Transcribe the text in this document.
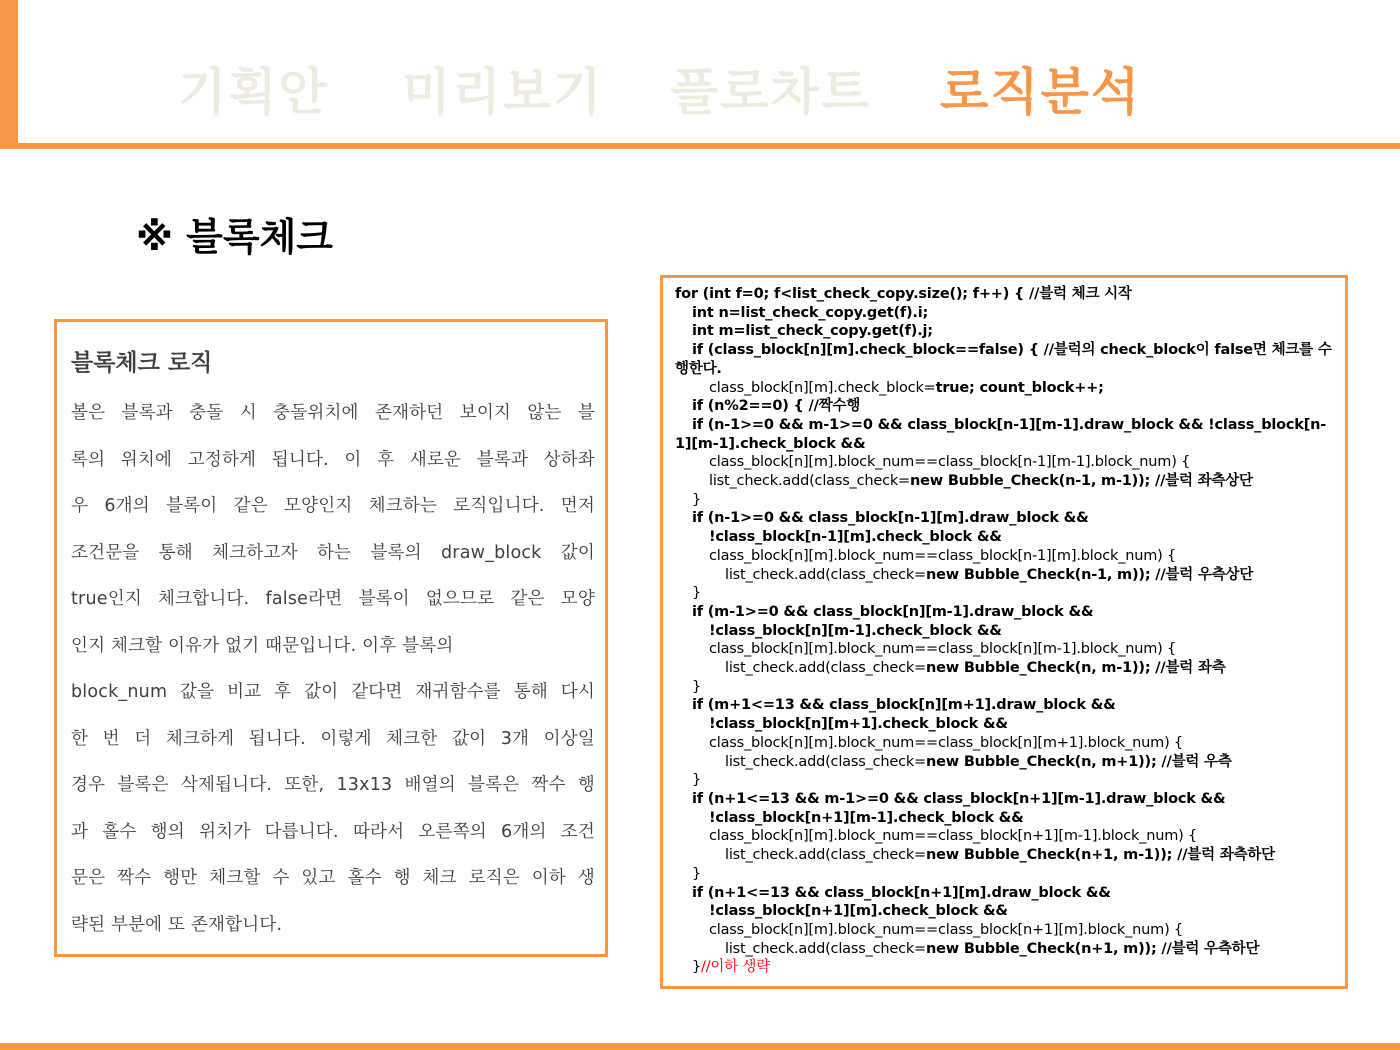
기획안 미리보기 플로차트 로직분석
※ 블록체크
블록체크 로직
볼은 블록과 충돌 시 충돌위치에 존재하던 보이지 않는 블
록의 위치에 고정하게 됩니다. 이 후 새로운 블록과 상하좌
우 6개의 블록이 같은 모양인지 체크하는 로직입니다. 먼저
조건문을 통해 체크하고자 하는 블록의 draw_block 값이
true인지 체크합니다. false라면 블록이 없으므로 같은 모양
인지 체크할 이유가 없기 때문입니다. 이후 블록의
block_num 값을 비교 후 값이 같다면 재귀함수를 통해 다시
한 번 더 체크하게 됩니다. 이렇게 체크한 값이 3개 이상일
경우 블록은 삭제됩니다. 또한, 13x13 배열의 블록은 짝수 행
과 홀수 행의 위치가 다릅니다. 따라서 오른쪽의 6개의 조건
문은 짝수 행만 체크할 수 있고 홀수 행 체크 로직은 이하 생
략된 부분에 또 존재합니다.
for (int f=0; f<list_check_copy.size(); f++) { //블럭 체크 시작
int n=list_check_copy.get(f).i;
int m=list_check_copy.get(f).j;
if (class_block[n][m].check_block==false) { //블럭의 check_block이 false면 체크를 수행한다.
class_block[n][m].check_block=true; count_block++;
if (n%2==0) { //짝수행
if (n-1>=0 && m-1>=0 && class_block[n-1][m-1].draw_block && !class_block[n-1][m-1].check_block &&
class_block[n][m].block_num==class_block[n-1][m-1].block_num) {
list_check.add(class_check=new Bubble_Check(n-1, m-1)); //블럭 좌측상단
}
if (n-1>=0 && class_block[n-1][m].draw_block &&
!class_block[n-1][m].check_block &&
class_block[n][m].block_num==class_block[n-1][m].block_num) {
list_check.add(class_check=new Bubble_Check(n-1, m)); //블럭 우측상단
}
if (m-1>=0 && class_block[n][m-1].draw_block &&
!class_block[n][m-1].check_block &&
class_block[n][m].block_num==class_block[n][m-1].block_num) {
list_check.add(class_check=new Bubble_Check(n, m-1)); //블럭 좌측
}
if (m+1<=13 && class_block[n][m+1].draw_block &&
!class_block[n][m+1].check_block &&
class_block[n][m].block_num==class_block[n][m+1].block_num) {
list_check.add(class_check=new Bubble_Check(n, m+1)); //블럭 우측
}
if (n+1<=13 && m-1>=0 && class_block[n+1][m-1].draw_block &&
!class_block[n+1][m-1].check_block &&
class_block[n][m].block_num==class_block[n+1][m-1].block_num) {
list_check.add(class_check=new Bubble_Check(n+1, m-1)); //블럭 좌측하단
}
if (n+1<=13 && class_block[n+1][m].draw_block &&
!class_block[n+1][m].check_block &&
class_block[n][m].block_num==class_block[n+1][m].block_num) {
list_check.add(class_check=new Bubble_Check(n+1, m)); //블럭 우측하단
}//이하 생략
